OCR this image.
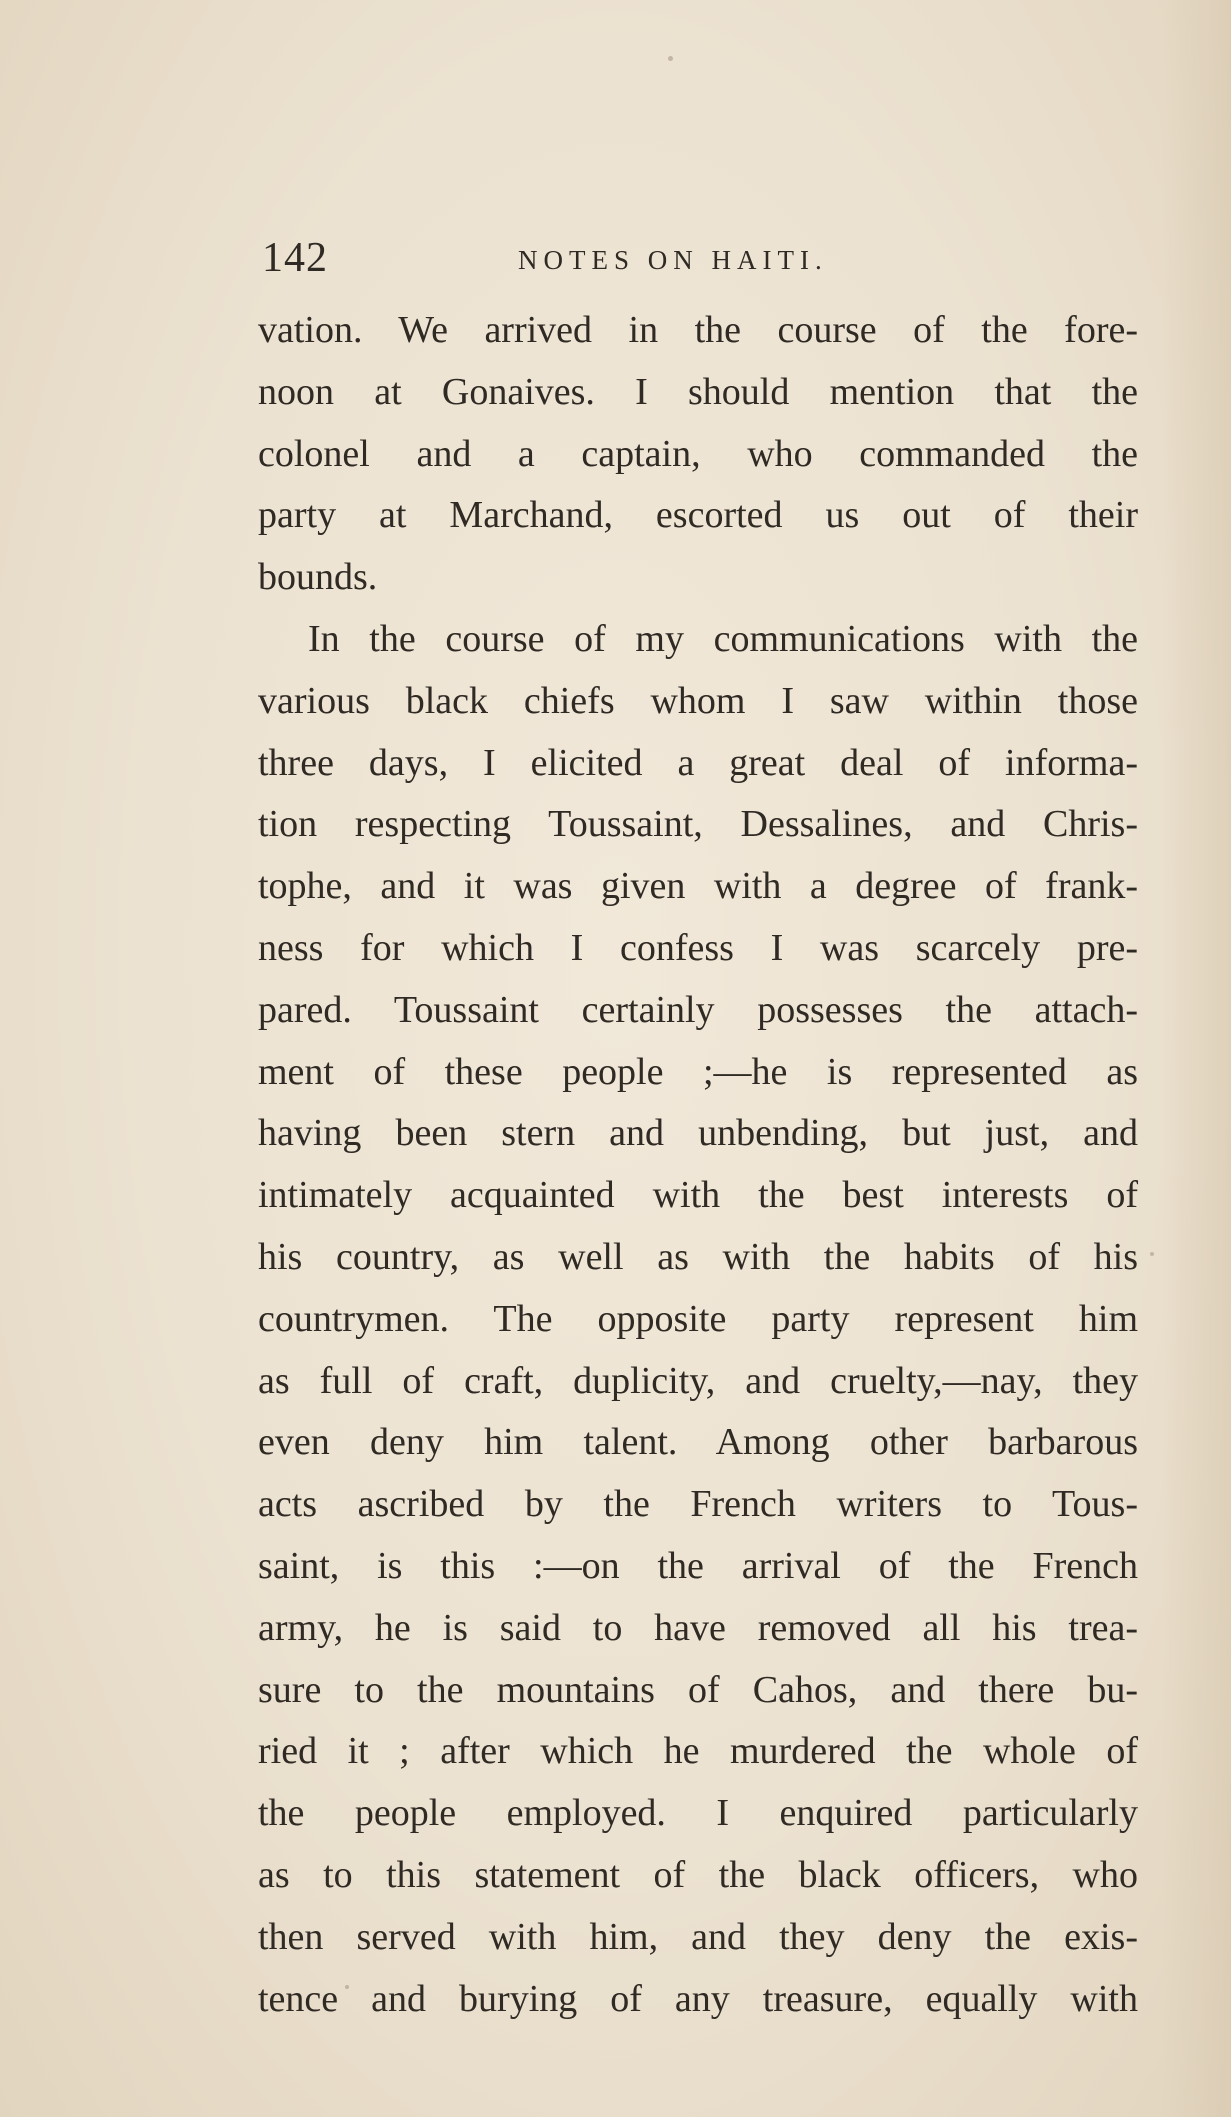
142	NOTES ON HAITI.
vation. We arrived in the course of the fore-
noon at Gonaives. I should mention that the
colonel and a captain, who commanded the
party at Marchand, escorted us out of their
bounds.
In the course of my communications with the
various black chiefs whom I saw within those
three days, I elicited a great deal of informa-
tion respecting Toussaint, Dessalines, and Chris-
tophe, and it was given with a degree of frank-
ness for which I confess I was scarcely pre-
pared. Toussaint certainly possesses the attach-
ment of these people ;—he is represented as
having been stern and unbending, but just, and
intimately acquainted with the best interests of
his country, as well as with the habits of his
countrymen. The opposite party represent him
as full of craft, duplicity, and cruelty,—nay, they
even deny him talent. Among other barbarous
acts ascribed by the French writers to Tous-
saint, is this :—on the arrival of the French
army, he is said to have removed all his trea-
sure to the mountains of Cahos, and there bu-
ried it ; after which he murdered the whole of
the people employed. I enquired particularly
as to this statement of the black officers, who
then served with him, and they deny the exis-
tence and burying of any treasure, equally with
